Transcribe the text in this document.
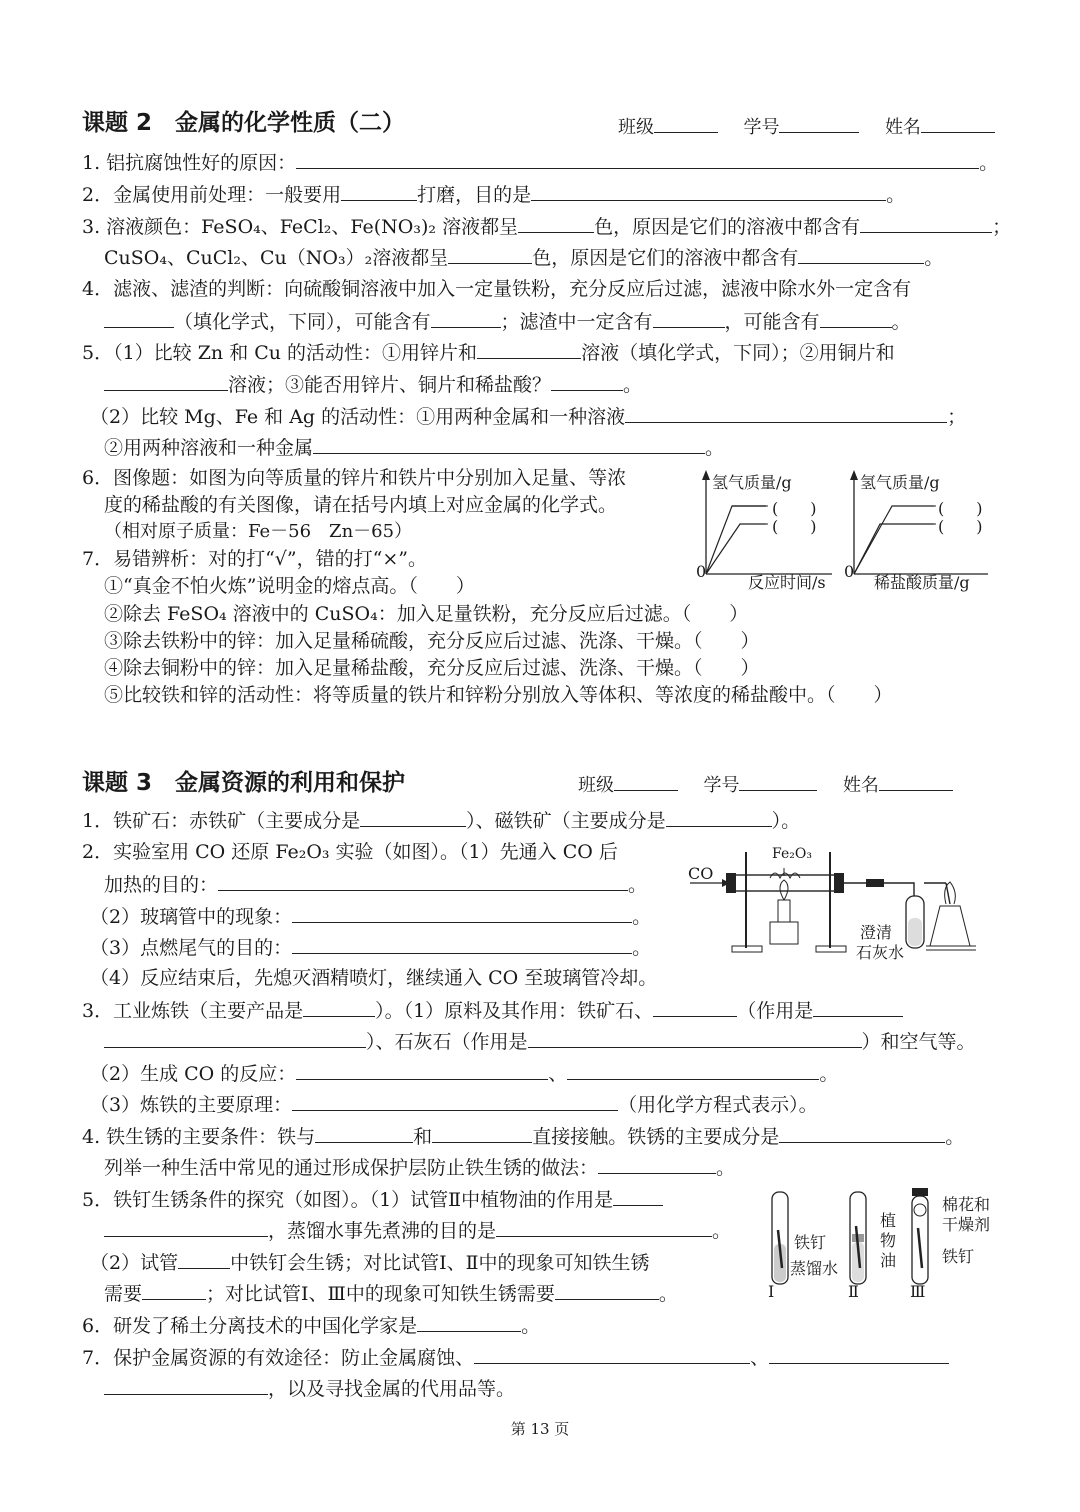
课题 2　金属的化学性质（二）	班级	学号	姓名
1. 铝抗腐蚀性好的原因：	。
2．金属使用前处理：一般要用	打磨，目的是	。
3. 溶液颜色：FeSO₄、FeCl₂、Fe(NO₃)₂ 溶液都呈	色，原因是它们的溶液中都含有	；
CuSO₄、CuCl₂、Cu（NO₃）₂溶液都呈	色，原因是它们的溶液中都含有	。
4．滤液、滤渣的判断：向硫酸铜溶液中加入一定量铁粉，充分反应后过滤，滤液中除水外一定含有
（填化学式，下同），可能含有	；滤渣中一定含有	，可能含有	。
5．（1）比较 Zn 和 Cu 的活动性：①用锌片和	溶液（填化学式，下同）；②用铜片和
溶液；③能否用锌片、铜片和稀盐酸？	。
（2）比较 Mg、Fe 和 Ag 的活动性：①用两种金属和一种溶液	；
②用两种溶液和一种金属	。
6．图像题：如图为向等质量的锌片和铁片中分别加入足量、等浓
度的稀盐酸的有关图像，请在括号内填上对应金属的化学式。
（相对原子质量：Fe－56　Zn－65）
7．易错辨析：对的打“√”，错的打“×”。
①“真金不怕火炼”说明金的熔点高。（　　）
②除去 FeSO₄ 溶液中的 CuSO₄：加入足量铁粉，充分反应后过滤。（　　）
③除去铁粉中的锌：加入足量稀硫酸，充分反应后过滤、洗涤、干燥。（　　）
④除去铜粉中的锌：加入足量稀盐酸，充分反应后过滤、洗涤、干燥。（　　）
⑤比较铁和锌的活动性：将等质量的铁片和锌粉分别放入等体积、等浓度的稀盐酸中。（　　）
氢气质量/g
(　　)
(　　)
0
反应时间/s
氢气质量/g
(　　)
(　　)
0
稀盐酸质量/g
课题 3　金属资源的利用和保护	班级	学号	姓名
1．铁矿石：赤铁矿（主要成分是	）、磁铁矿（主要成分是	）。
2．实验室用 CO 还原 Fe₂O₃ 实验（如图）。（1）先通入 CO 后
加热的目的：	。
（2）玻璃管中的现象：	。
（3）点燃尾气的目的：	。
（4）反应结束后，先熄灭酒精喷灯，继续通入 CO 至玻璃管冷却。
CO
Fe₂O₃
澄清
石灰水
3．工业炼铁（主要产品是	）。（1）原料及其作用：铁矿石、	（作用是
）、石灰石（作用是	）和空气等。
（2）生成 CO 的反应：	、	。
（3）炼铁的主要原理：	（用化学方程式表示）。
4. 铁生锈的主要条件：铁与	和	直接接触。铁锈的主要成分是	。
列举一种生活中常见的通过形成保护层防止铁生锈的做法：	。
5．铁钉生锈条件的探究（如图）。（1）试管Ⅱ中植物油的作用是
，蒸馏水事先煮沸的目的是	。
（2）试管	中铁钉会生锈；对比试管Ⅰ、Ⅱ中的现象可知铁生锈
需要	；对比试管Ⅰ、Ⅲ中的现象可知铁生锈需要	。
铁钉
蒸馏水
植
物
油
棉花和
干燥剂
铁钉
Ⅰ	Ⅱ	Ⅲ
6．研发了稀土分离技术的中国化学家是	。
7．保护金属资源的有效途径：防止金属腐蚀、	、
，以及寻找金属的代用品等。
第 13 页
